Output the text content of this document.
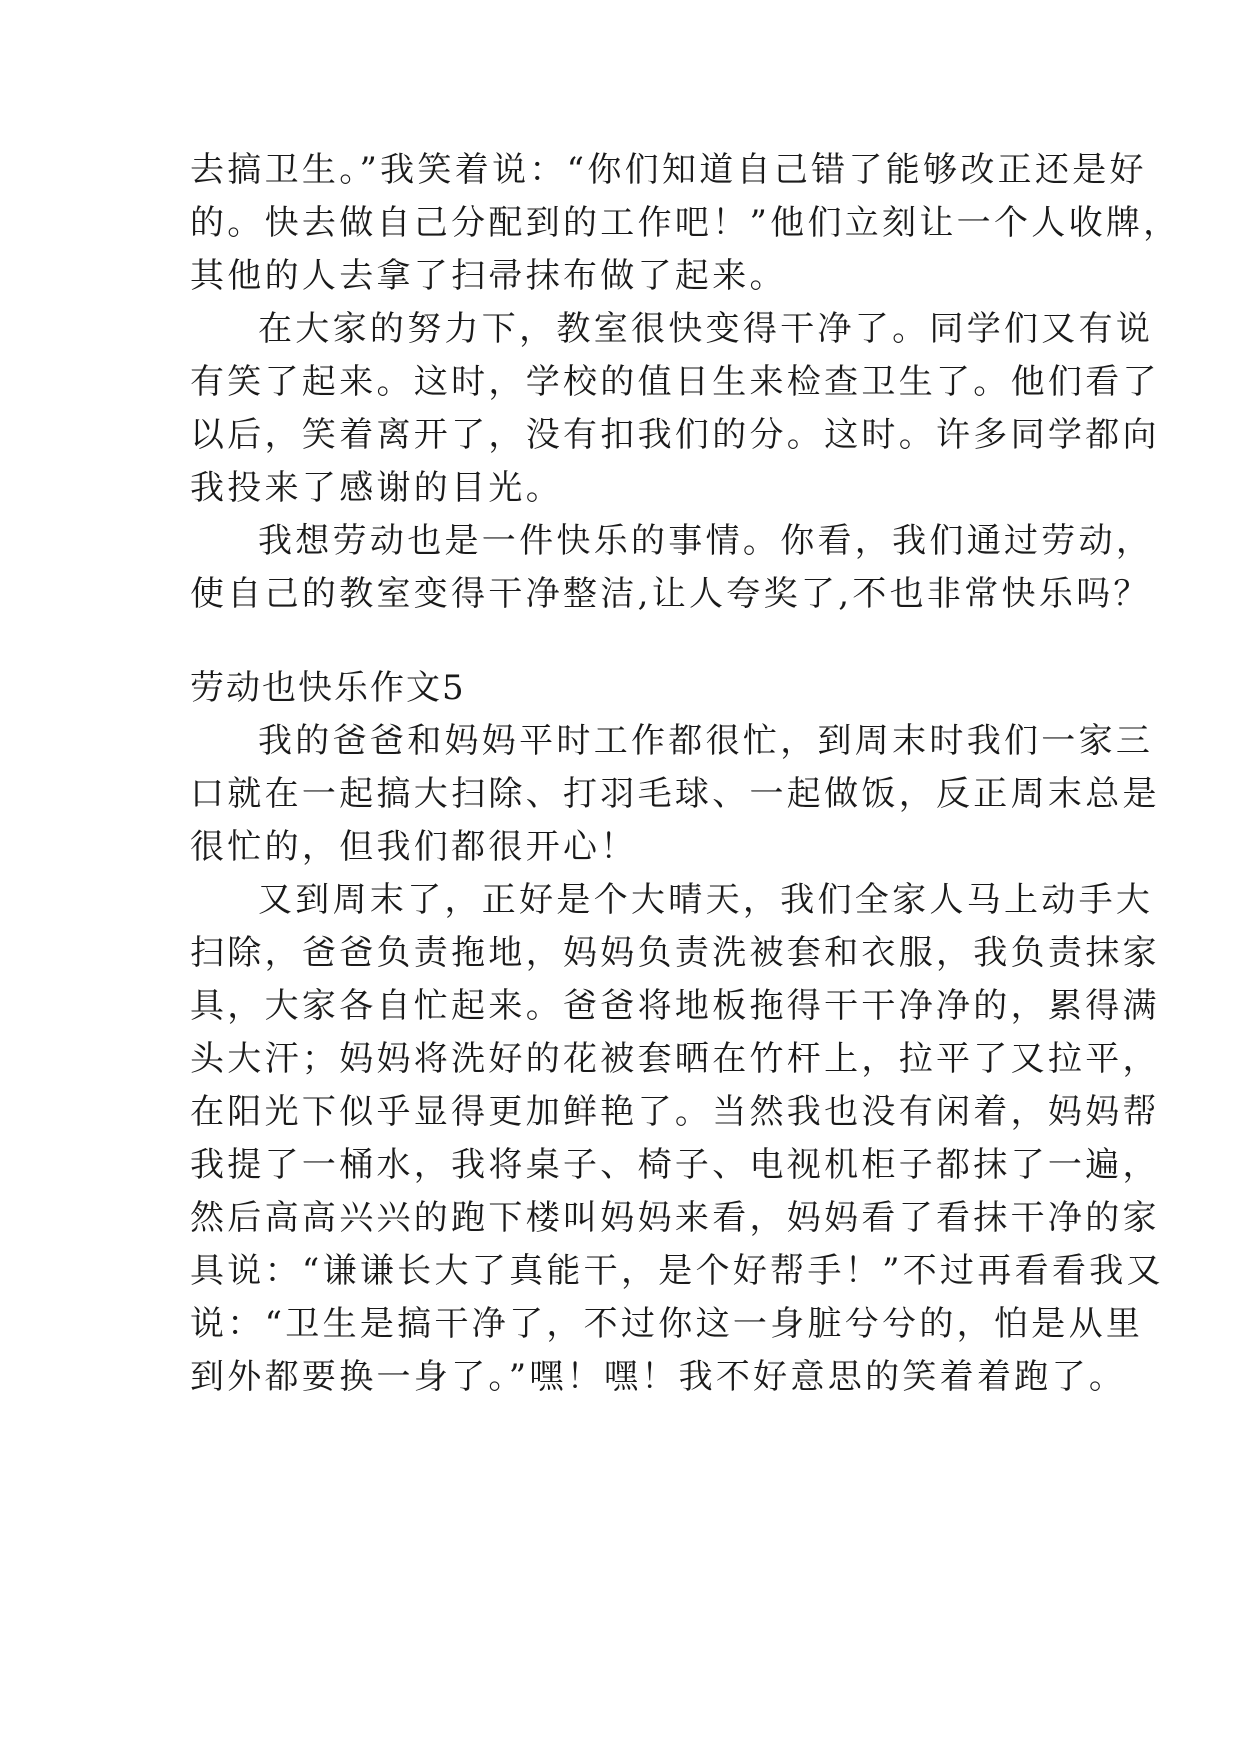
去搞卫生。”我笑着说：“你们知道自己错了能够改正还是好
的。快去做自己分配到的工作吧！”他们立刻让一个人收牌，
其他的人去拿了扫帚抹布做了起来。
在大家的努力下，教室很快变得干净了。同学们又有说
有笑了起来。这时，学校的值日生来检查卫生了。他们看了
以后，笑着离开了，没有扣我们的分。这时。许多同学都向
我投来了感谢的目光。
我想劳动也是一件快乐的事情。你看，我们通过劳动，
使自己的教室变得干净整洁,让人夸奖了,不也非常快乐吗？
劳动也快乐作文5
我的爸爸和妈妈平时工作都很忙，到周末时我们一家三
口就在一起搞大扫除、打羽毛球、一起做饭，反正周末总是
很忙的，但我们都很开心！
又到周末了，正好是个大晴天，我们全家人马上动手大
扫除，爸爸负责拖地，妈妈负责洗被套和衣服，我负责抹家
具，大家各自忙起来。爸爸将地板拖得干干净净的，累得满
头大汗；妈妈将洗好的花被套晒在竹杆上，拉平了又拉平，
在阳光下似乎显得更加鲜艳了。当然我也没有闲着，妈妈帮
我提了一桶水，我将桌子、椅子、电视机柜子都抹了一遍，
然后高高兴兴的跑下楼叫妈妈来看，妈妈看了看抹干净的家
具说：“谦谦长大了真能干，是个好帮手！”不过再看看我又
说：“卫生是搞干净了，不过你这一身脏兮兮的，怕是从里
到外都要换一身了。”嘿！嘿！我不好意思的笑着着跑了。
